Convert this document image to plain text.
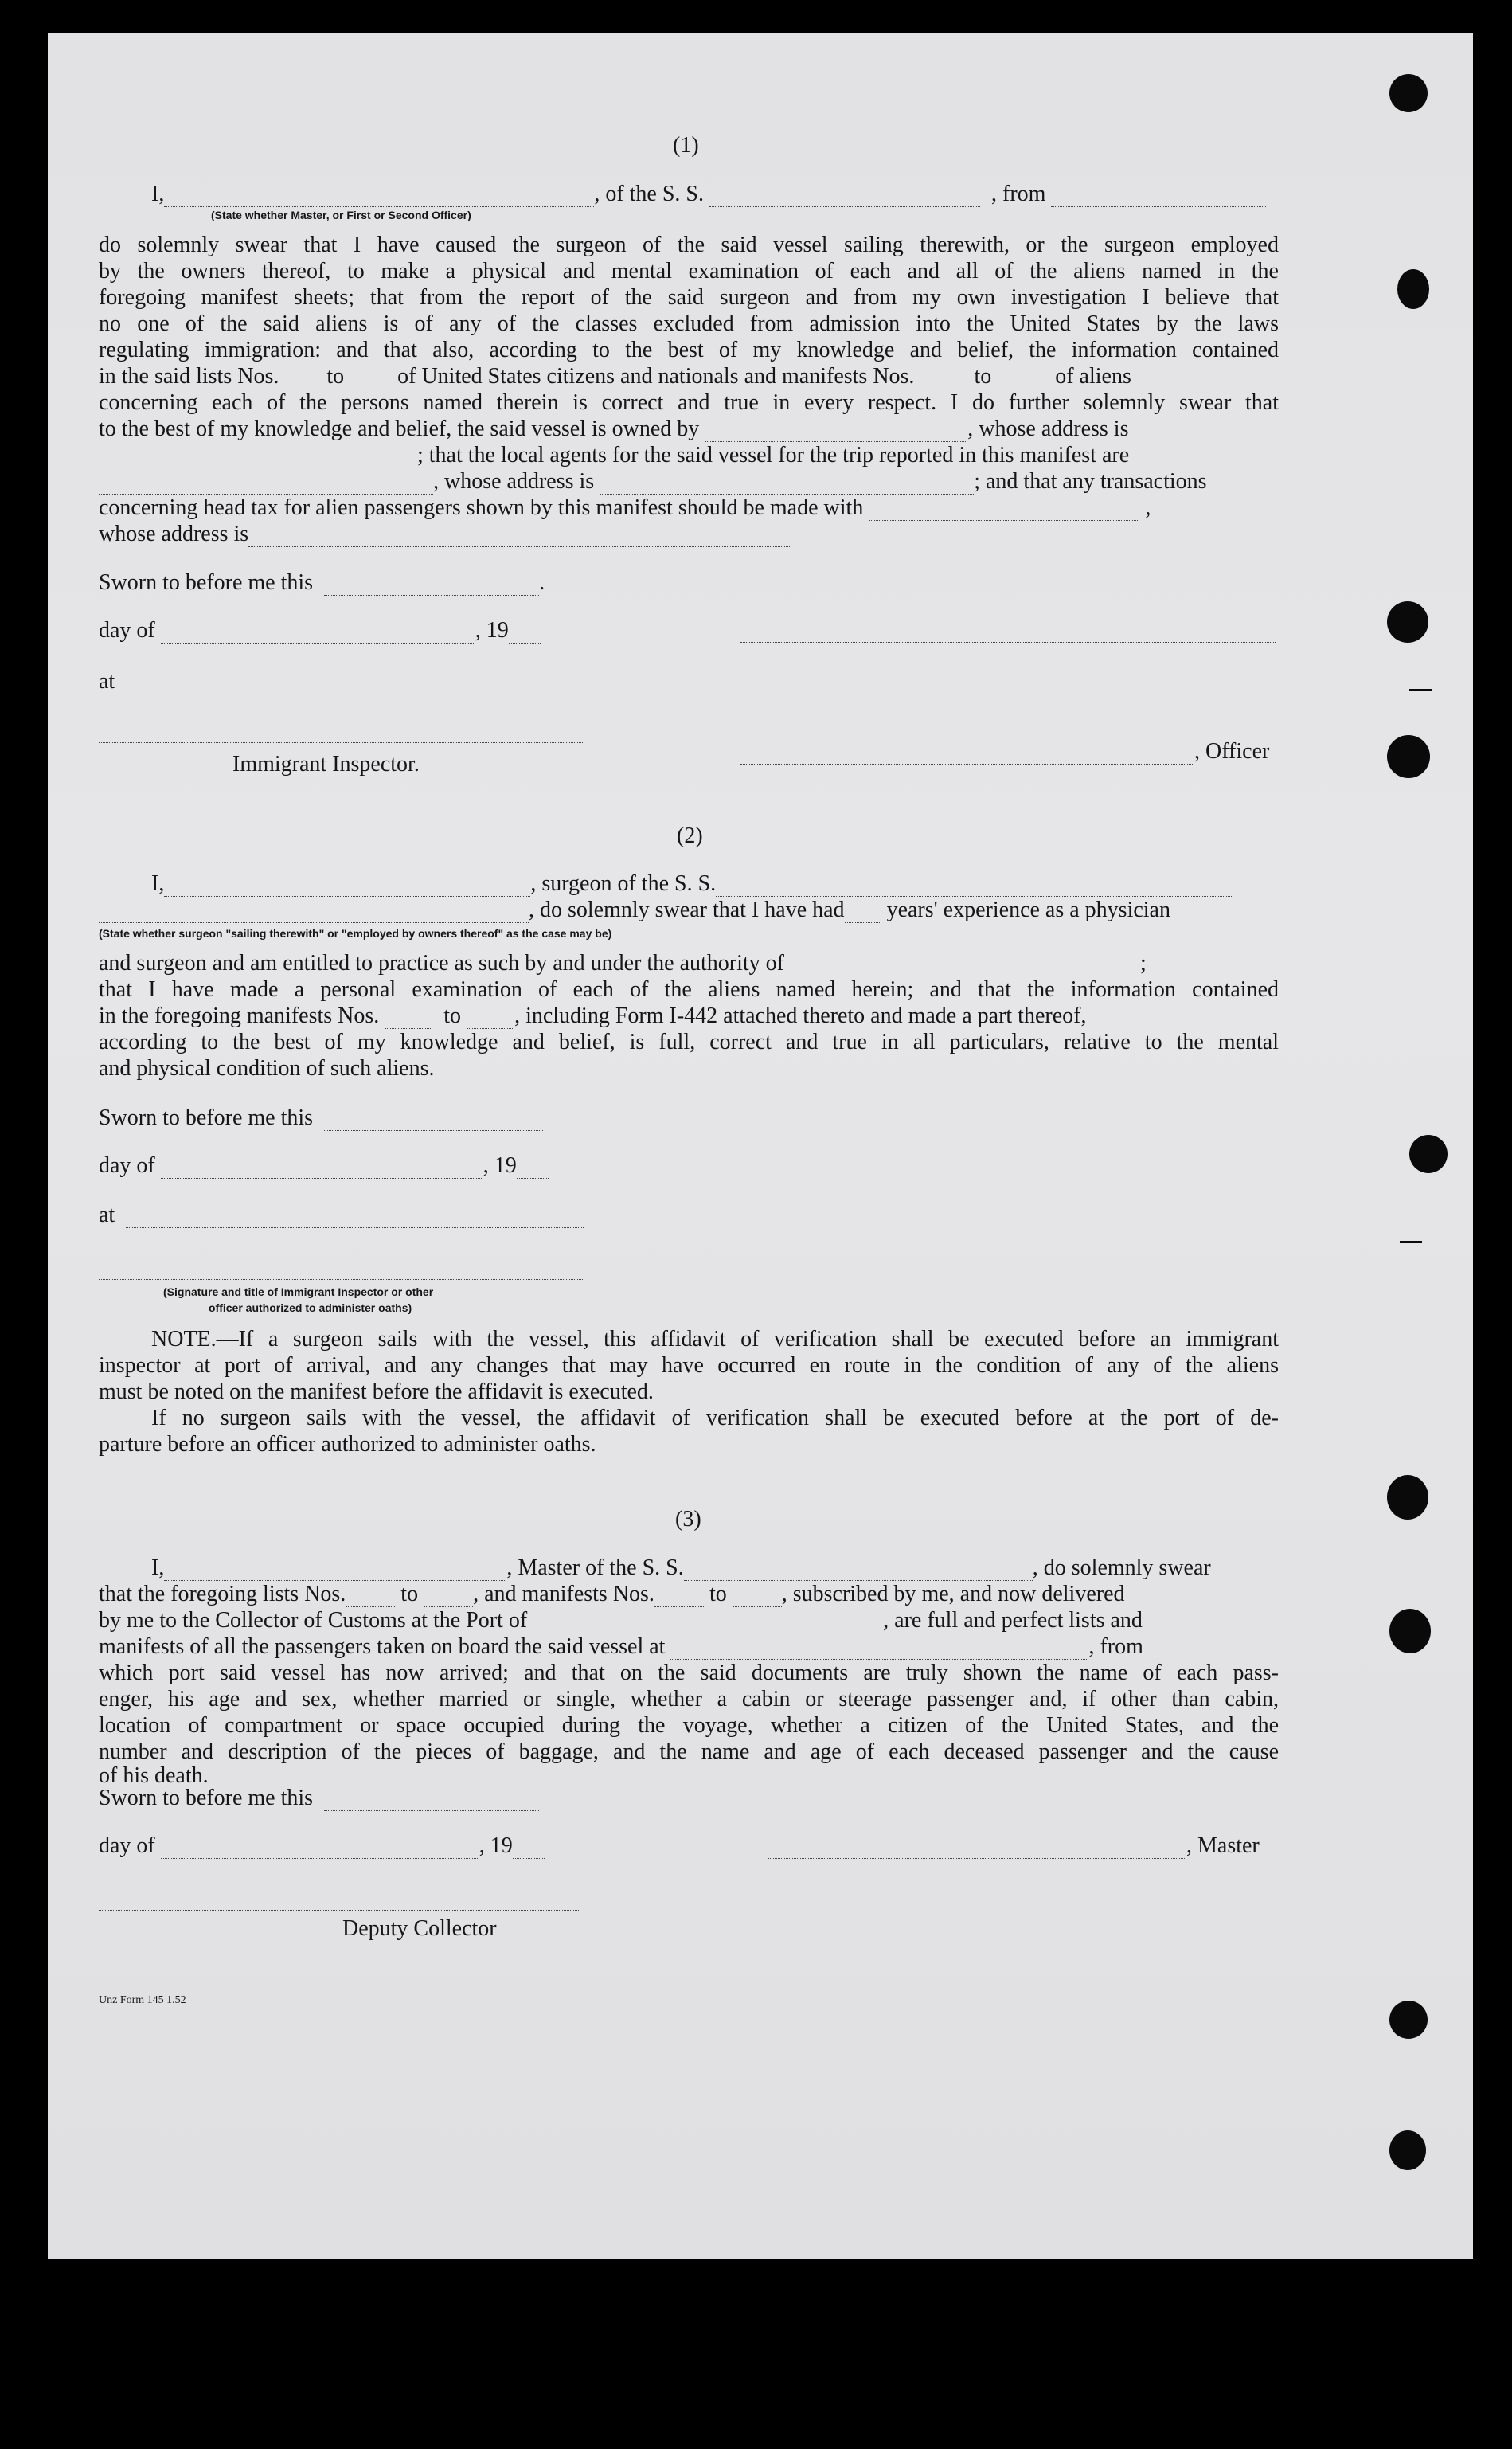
(1)
I,	, of the S. S.

	, from

(State whether Master, or First or Second Officer)
do solemnly swear that I have caused the surgeon of the said vessel sailing therewith, or the surgeon employed
by the owners thereof, to make a physical and mental examination of each and all of the aliens named in the
foregoing manifest sheets; that from the report of the said surgeon and from my own investigation I believe that
no one of the said aliens is of any of the classes excluded from admission into the United States by the laws
regulating immigration: and that also, according to the best of my knowledge and belief, the information contained
in the said lists Nos. to
of United States citizens and nationals and manifests Nos.
	to

	of aliens
concerning each of the persons named therein is correct and true in every respect. I do further solemnly swear that
to the best of my knowledge and belief, the said vessel is owned by
	, whose address is
; that the local agents for the said vessel for the trip reported in this manifest are
, whose address is
	; and that any transactions
concerning head tax for alien passengers shown by this manifest should be made with

	,
whose address is
Sworn to before me this
	.
day of
	, 19
at

Immigrant Inspector.
, Officer
(2)
I,	, surgeon of the S. S.
, do solemnly swear that I have had
years' experience as a physician
(State whether surgeon "sailing therewith" or "employed by owners thereof" as the case may be)
and surgeon and am entitled to practice as such by and under the authority of
	;
that I have made a personal examination of each of the aliens named herein; and that the information contained
in the foregoing manifests Nos.

	to
, including Form I-442 attached thereto and made a part thereof,
according to the best of my knowledge and belief, is full, correct and true in all particulars, relative to the mental
and physical condition of such aliens.
Sworn to before me this

day of
	, 19
at

(Signature and title of Immigrant Inspector or other
officer authorized to administer oaths)
NOTE.—If a surgeon sails with the vessel, this affidavit of verification shall be executed before an immigrant
inspector at port of arrival, and any changes that may have occurred en route in the condition of any of the aliens
must be noted on the manifest before the affidavit is executed.
If no surgeon sails with the vessel, the affidavit of verification shall be executed before at the port of de-
parture before an officer authorized to administer oaths.
(3)
I,	, Master of the S. S.	, do solemnly swear
that the foregoing lists Nos.
to
, and manifests Nos.
to
, subscribed by me, and now delivered
by me to the Collector of Customs at the Port of
	, are full and perfect lists and
manifests of all the passengers taken on board the said vessel at
	, from
which port said vessel has now arrived; and that on the said documents are truly shown the name of each pass-
enger, his age and sex, whether married or single, whether a cabin or steerage passenger and, if other than cabin,
location of compartment or space occupied during the voyage, whether a citizen of the United States, and the
number and description of the pieces of baggage, and the name and age of each deceased passenger and the cause
of his death.
Sworn to before me this

day of
	, 19	, Master
Deputy Collector
Unz Form 145 1.52
